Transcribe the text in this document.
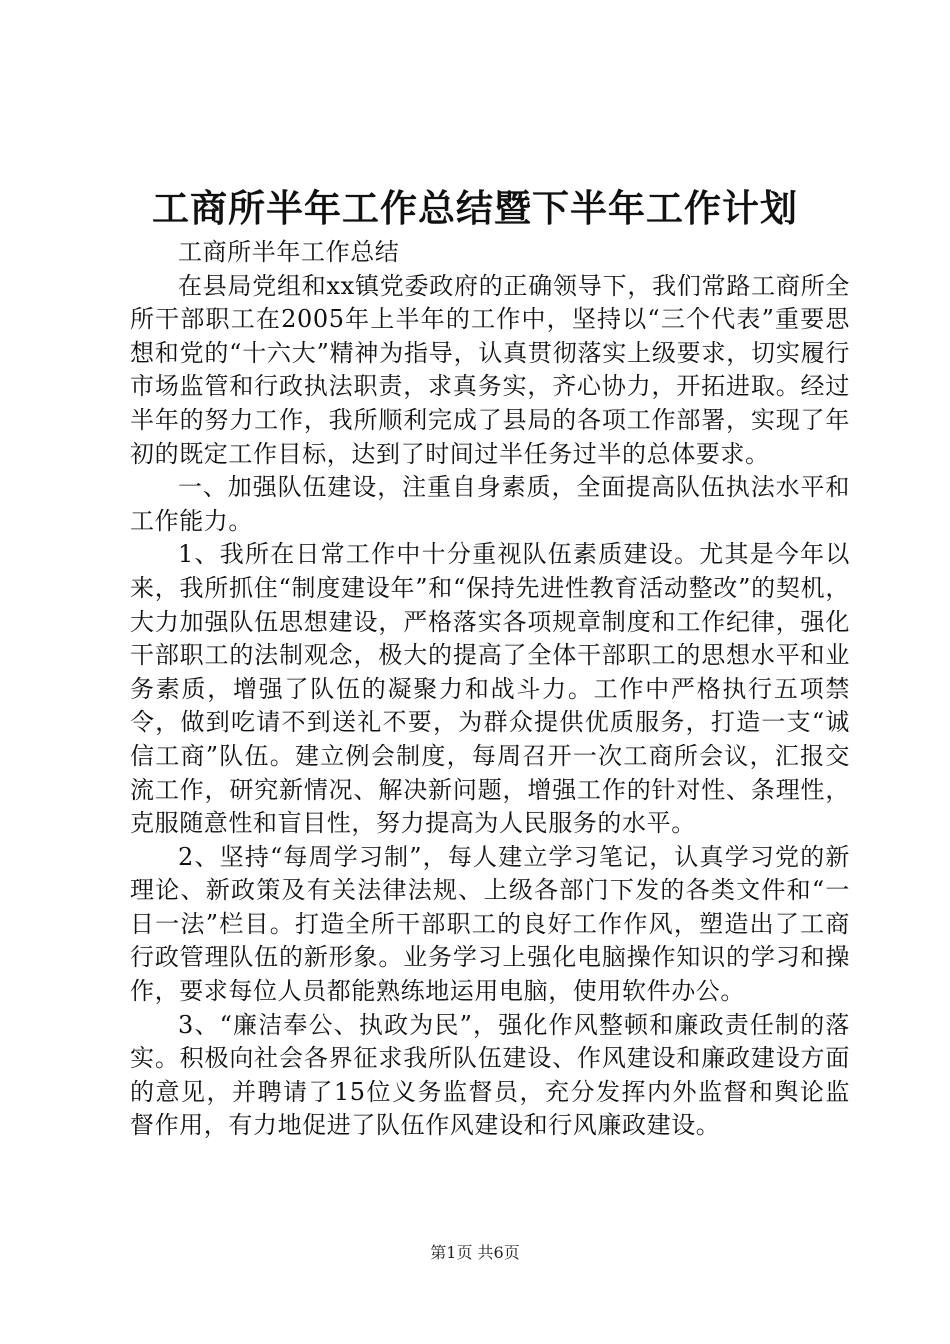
工商所半年工作总结暨下半年工作计划

工商所半年工作总结

在县局党组和xx镇党委政府的正确领导下，我们常路工商所全所干部职工在2005年上半年的工作中，坚持以“三个代表”重要思想和党的“十六大”精神为指导，认真贯彻落实上级要求，切实履行市场监管和行政执法职责，求真务实，齐心协力，开拓进取。经过半年的努力工作，我所顺利完成了县局的各项工作部署，实现了年初的既定工作目标，达到了时间过半任务过半的总体要求。

一、加强队伍建设，注重自身素质，全面提高队伍执法水平和工作能力。

1、我所在日常工作中十分重视队伍素质建设。尤其是今年以来，我所抓住“制度建设年”和“保持先进性教育活动整改”的契机，大力加强队伍思想建设，严格落实各项规章制度和工作纪律，强化干部职工的法制观念，极大的提高了全体干部职工的思想水平和业务素质，增强了队伍的凝聚力和战斗力。工作中严格执行五项禁令，做到吃请不到送礼不要，为群众提供优质服务，打造一支“诚信工商”队伍。建立例会制度，每周召开一次工商所会议，汇报交流工作，研究新情况、解决新问题，增强工作的针对性、条理性，克服随意性和盲目性，努力提高为人民服务的水平。

2、坚持“每周学习制”，每人建立学习笔记，认真学习党的新理论、新政策及有关法律法规、上级各部门下发的各类文件和“一日一法”栏目。打造全所干部职工的良好工作作风，塑造出了工商行政管理队伍的新形象。业务学习上强化电脑操作知识的学习和操作，要求每位人员都能熟练地运用电脑，使用软件办公。

3、“廉洁奉公、执政为民”，强化作风整顿和廉政责任制的落实。积极向社会各界征求我所队伍建设、作风建设和廉政建设方面的意见，并聘请了15位义务监督员，充分发挥内外监督和舆论监督作用，有力地促进了队伍作风建设和行风廉政建设。

第1页 共6页
